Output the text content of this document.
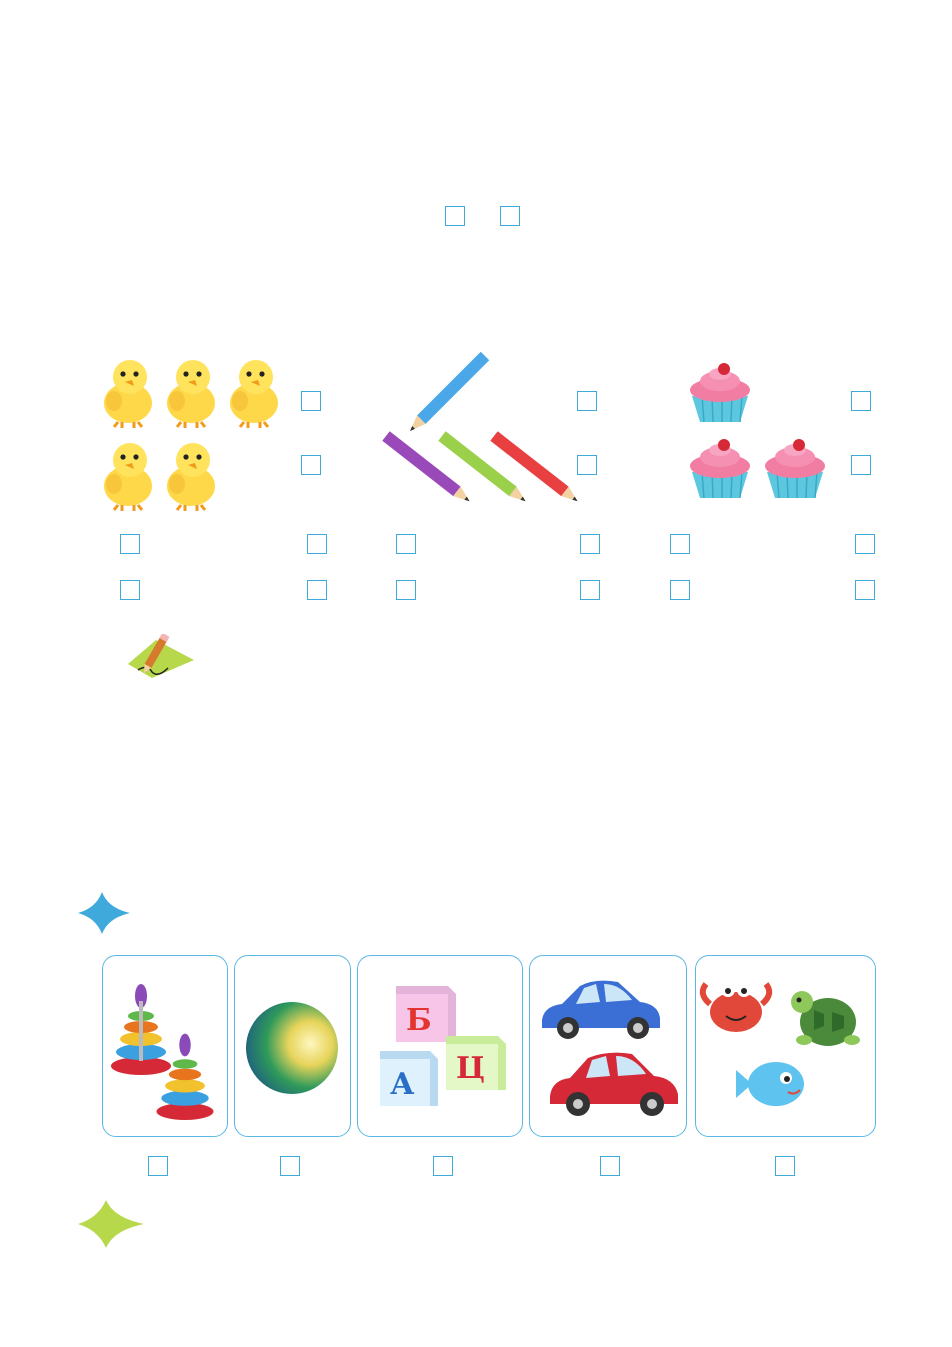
Б
А Ц
